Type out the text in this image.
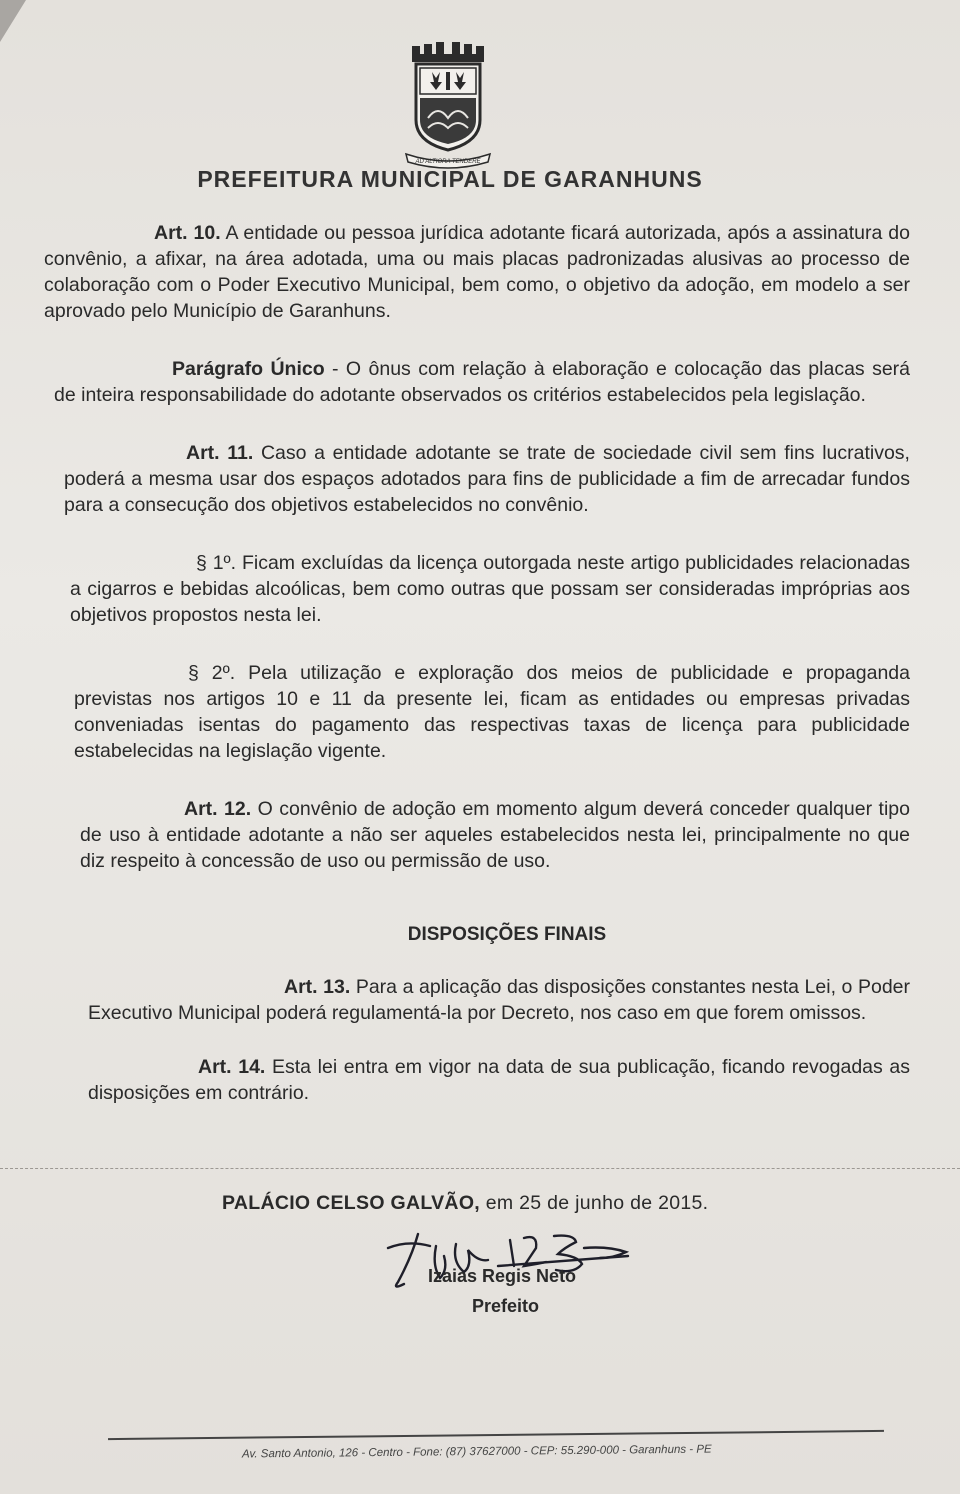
AD ALTIORA TENDERE
PREFEITURA MUNICIPAL DE GARANHUNS

Art. 10. A entidade ou pessoa jurídica adotante ficará autorizada, após a assinatura do convênio, a afixar, na área adotada, uma ou mais placas padronizadas alusivas ao processo de colaboração com o Poder Executivo Municipal, bem como, o objetivo da adoção, em modelo a ser aprovado pelo Município de Garanhuns.

Parágrafo Único - O ônus com relação à elaboração e colocação das placas será de inteira responsabilidade do adotante observados os critérios estabelecidos pela legislação.

Art. 11. Caso a entidade adotante se trate de sociedade civil sem fins lucrativos, poderá a mesma usar dos espaços adotados para fins de publicidade a fim de arrecadar fundos para a consecução dos objetivos estabelecidos no convênio.

§ 1º. Ficam excluídas da licença outorgada neste artigo publicidades relacionadas a cigarros e bebidas alcoólicas, bem como outras que possam ser consideradas impróprias aos objetivos propostos nesta lei.

§ 2º. Pela utilização e exploração dos meios de publicidade e propaganda previstas nos artigos 10 e 11 da presente lei, ficam as entidades ou empresas privadas conveniadas isentas do pagamento das respectivas taxas de licença para publicidade estabelecidas na legislação vigente.

Art. 12. O convênio de adoção em momento algum deverá conceder qualquer tipo de uso à entidade adotante a não ser aqueles estabelecidos nesta lei, principalmente no que diz respeito à concessão de uso ou permissão de uso.

DISPOSIÇÕES FINAIS

Art. 13. Para a aplicação das disposições constantes nesta Lei, o Poder Executivo Municipal poderá regulamentá-la por Decreto, nos caso em que forem omissos.

Art. 14. Esta lei entra em vigor na data de sua publicação, ficando revogadas as disposições em contrário.

PALÁCIO CELSO GALVÃO, em 25 de junho de 2015.
Izaias Regis Neto
Prefeito
Av. Santo Antonio, 126 - Centro - Fone: (87) 37627000 - CEP: 55.290-000 - Garanhuns - PE
